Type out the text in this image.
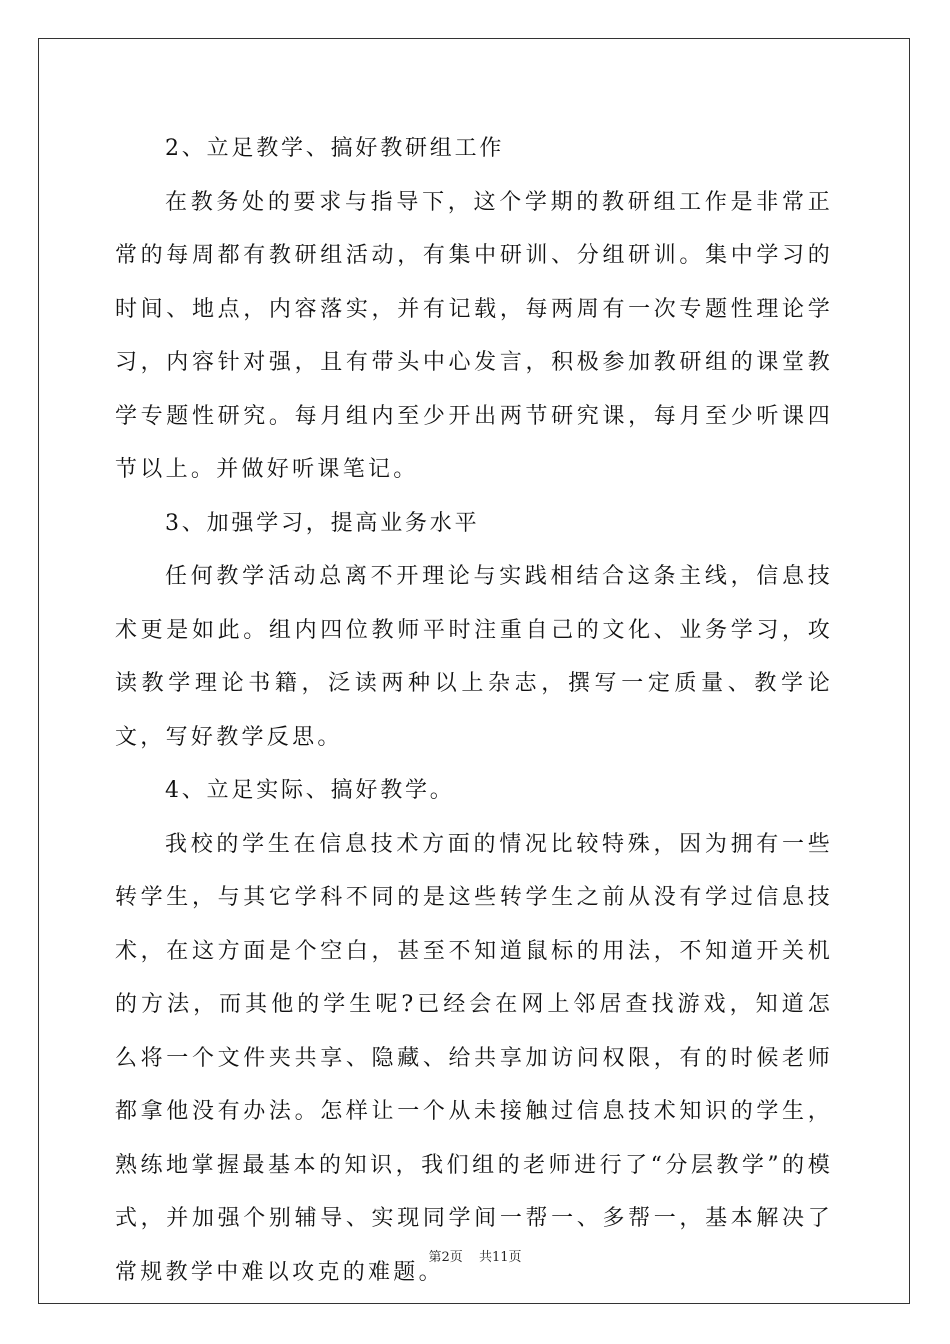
2、立足教学、搞好教研组工作

在教务处的要求与指导下，这个学期的教研组工作是非常正常的每周都有教研组活动，有集中研训、分组研训。集中学习的时间、地点，内容落实，并有记载，每两周有一次专题性理论学习，内容针对强，且有带头中心发言，积极参加教研组的课堂教学专题性研究。每月组内至少开出两节研究课，每月至少听课四节以上。并做好听课笔记。

3、加强学习，提高业务水平

任何教学活动总离不开理论与实践相结合这条主线，信息技术更是如此。组内四位教师平时注重自己的文化、业务学习，攻读教学理论书籍，泛读两种以上杂志，撰写一定质量、教学论文，写好教学反思。

4、立足实际、搞好教学。

我校的学生在信息技术方面的情况比较特殊，因为拥有一些转学生，与其它学科不同的是这些转学生之前从没有学过信息技术，在这方面是个空白，甚至不知道鼠标的用法，不知道开关机的方法，而其他的学生呢?已经会在网上邻居查找游戏，知道怎么将一个文件夹共享、隐藏、给共享加访问权限，有的时候老师都拿他没有办法。怎样让一个从未接触过信息技术知识的学生，熟练地掌握最基本的知识，我们组的老师进行了“分层教学”的模式，并加强个别辅导、实现同学间一帮一、多帮一，基本解决了常规教学中难以攻克的难题。

第2页 共11页
